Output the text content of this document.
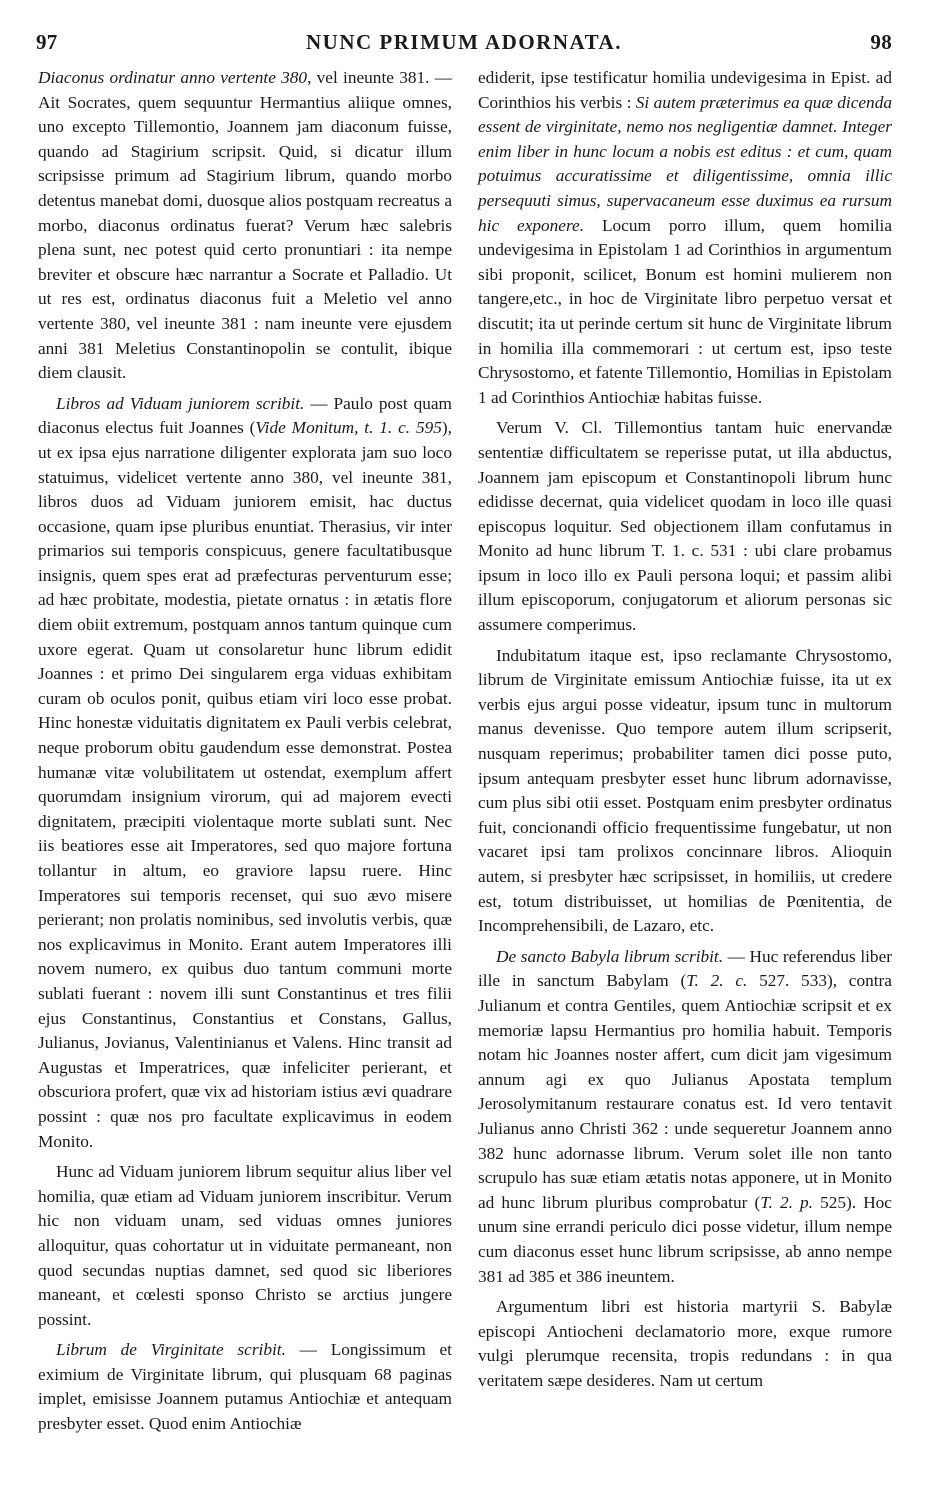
97	NUNC PRIMUM ADORNATA.	98

Diaconus ordinatur anno vertente 380, vel ineunte 381. — Ait Socrates, quem sequuntur Hermantius aliique omnes, uno excepto Tillemontio, Joannem jam diaconum fuisse, quando ad Stagirium scripsit. Quid, si dicatur illum scripsisse primum ad Stagirium librum, quando morbo detentus manebat domi, duosque alios postquam recreatus a morbo, diaconus ordinatus fuerat? Verum hæc salebris plena sunt, nec potest quid certo pronuntiari : ita nempe breviter et obscure hæc narrantur a Socrate et Palladio. Ut ut res est, ordinatus diaconus fuit a Meletio vel anno vertente 380, vel ineunte 381 : nam ineunte vere ejusdem anni 381 Meletius Constantinopolin se contulit, ibique diem clausit.

Libros ad Viduam juniorem scribit. — Paulo post quam diaconus electus fuit Joannes (Vide Monitum, t. 1. c. 595), ut ex ipsa ejus narratione diligenter explorata jam suo loco statuimus, videlicet vertente anno 380, vel ineunte 381, libros duos ad Viduam juniorem emisit, hac ductus occasione, quam ipse pluribus enuntiat. Therasius, vir inter primarios sui temporis conspicuus, genere facultatibusque insignis, quem spes erat ad præfecturas perventurum esse; ad hæc probitate, modestia, pietate ornatus : in ætatis flore diem obiit extremum, postquam annos tantum quinque cum uxore egerat. Quam ut consolaretur hunc librum edidit Joannes : et primo Dei singularem erga viduas exhibitam curam ob oculos ponit, quibus etiam viri loco esse probat. Hinc honestæ viduitatis dignitatem ex Pauli verbis celebrat, neque proborum obitu gaudendum esse demonstrat. Postea humanæ vitæ volubilitatem ut ostendat, exemplum affert quorumdam insignium virorum, qui ad majorem evecti dignitatem, præcipiti violentaque morte sublati sunt. Nec iis beatiores esse ait Imperatores, sed quo majore fortuna tollantur in altum, eo graviore lapsu ruere. Hinc Imperatores sui temporis recenset, qui suo ævo misere perierant; non prolatis nominibus, sed involutis verbis, quæ nos explicavimus in Monito. Erant autem Imperatores illi novem numero, ex quibus duo tantum communi morte sublati fuerant : novem illi sunt Constantinus et tres filii ejus Constantinus, Constantius et Constans, Gallus, Julianus, Jovianus, Valentinianus et Valens. Hinc transit ad Augustas et Imperatrices, quæ infeliciter perierant, et obscuriora profert, quæ vix ad historiam istius ævi quadrare possint : quæ nos pro facultate explicavimus in eodem Monito.

Hunc ad Viduam juniorem librum sequitur alius liber vel homilia, quæ etiam ad Viduam juniorem inscribitur. Verum hic non viduam unam, sed viduas omnes juniores alloquitur, quas cohortatur ut in viduitate permaneant, non quod secundas nuptias damnet, sed quod sic liberiores maneant, et cœlesti sponso Christo se arctius jungere possint.

Librum de Virginitate scribit. — Longissimum et eximium de Virginitate librum, qui plusquam 68 paginas implet, emisisse Joannem putamus Antiochiæ et antequam presbyter esset. Quod enim Antiochiæ

ediderit, ipse testificatur homilia undevigesima in Epist. ad Corinthios his verbis : Si autem præterimus ea quæ dicenda essent de virginitate, nemo nos negligentiæ damnet. Integer enim liber in hunc locum a nobis est editus : et cum, quam potuimus accuratissime et diligentissime, omnia illic persequuti simus, supervacaneum esse duximus ea rursum hic exponere. Locum porro illum, quem homilia undevigesima in Epistolam 1 ad Corinthios in argumentum sibi proponit, scilicet, Bonum est homini mulierem non tangere,etc., in hoc de Virginitate libro perpetuo versat et discutit; ita ut perinde certum sit hunc de Virginitate librum in homilia illa commemorari : ut certum est, ipso teste Chrysostomo, et fatente Tillemontio, Homilias in Epistolam 1 ad Corinthios Antiochiæ habitas fuisse.

Verum V. Cl. Tillemontius tantam huic enervandæ sententiæ difficultatem se reperisse putat, ut illa abductus, Joannem jam episcopum et Constantinopoli librum hunc edidisse decernat, quia videlicet quodam in loco ille quasi episcopus loquitur. Sed objectionem illam confutamus in Monito ad hunc librum T. 1. c. 531 : ubi clare probamus ipsum in loco illo ex Pauli persona loqui; et passim alibi illum episcoporum, conjugatorum et aliorum personas sic assumere comperimus.

Indubitatum itaque est, ipso reclamante Chrysostomo, librum de Virginitate emissum Antiochiæ fuisse, ita ut ex verbis ejus argui posse videatur, ipsum tunc in multorum manus devenisse. Quo tempore autem illum scripserit, nusquam reperimus; probabiliter tamen dici posse puto, ipsum antequam presbyter esset hunc librum adornavisse, cum plus sibi otii esset. Postquam enim presbyter ordinatus fuit, concionandi officio frequentissime fungebatur, ut non vacaret ipsi tam prolixos concinnare libros. Alioquin autem, si presbyter hæc scripsisset, in homiliis, ut credere est, totum distribuisset, ut homilias de Pœnitentia, de Incomprehensibili, de Lazaro, etc.

De sancto Babyla librum scribit. — Huc referendus liber ille in sanctum Babylam (T. 2. c. 527. 533), contra Julianum et contra Gentiles, quem Antiochiæ scripsit et ex memoriæ lapsu Hermantius pro homilia habuit. Temporis notam hic Joannes noster affert, cum dicit jam vigesimum annum agi ex quo Julianus Apostata templum Jerosolymitanum restaurare conatus est. Id vero tentavit Julianus anno Christi 362 : unde sequeretur Joannem anno 382 hunc adornasse librum. Verum solet ille non tanto scrupulo has suæ etiam ætatis notas apponere, ut in Monito ad hunc librum pluribus comprobatur (T. 2. p. 525). Hoc unum sine errandi periculo dici posse videtur, illum nempe cum diaconus esset hunc librum scripsisse, ab anno nempe 381 ad 385 et 386 ineuntem.

Argumentum libri est historia martyrii S. Babylæ episcopi Antiocheni declamatorio more, exque rumore vulgi plerumque recensita, tropis redundans : in qua veritatem sæpe desideres. Nam ut certum
